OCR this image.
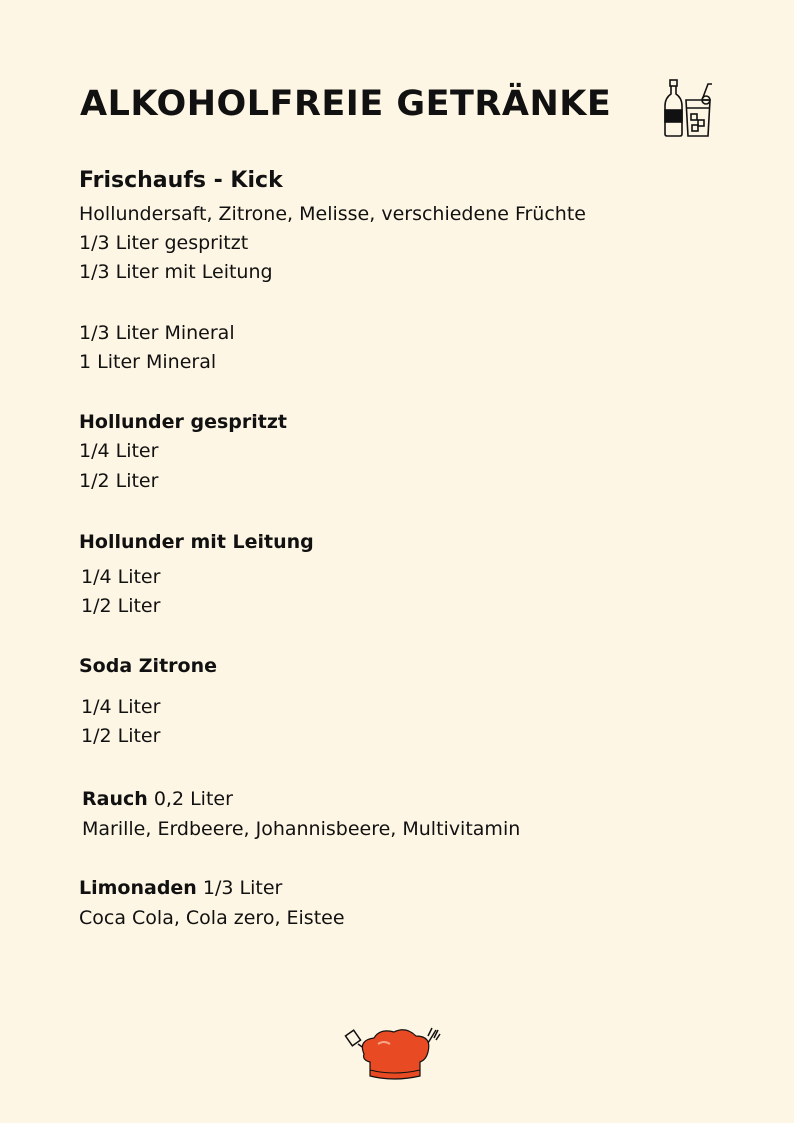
ALKOHOLFREIE GETRÄNKE
Frischaufs - Kick
Hollundersaft, Zitrone, Melisse, verschiedene Früchte
1/3 Liter gespritzt
1/3 Liter mit Leitung
1/3 Liter Mineral
1 Liter Mineral
Hollunder gespritzt
1/4 Liter
1/2 Liter
Hollunder mit Leitung
1/4 Liter
1/2 Liter
Soda Zitrone
1/4 Liter
1/2 Liter
Rauch 0,2 Liter
Marille, Erdbeere, Johannisbeere, Multivitamin
Limonaden 1/3 Liter
Coca Cola, Cola zero, Eistee
